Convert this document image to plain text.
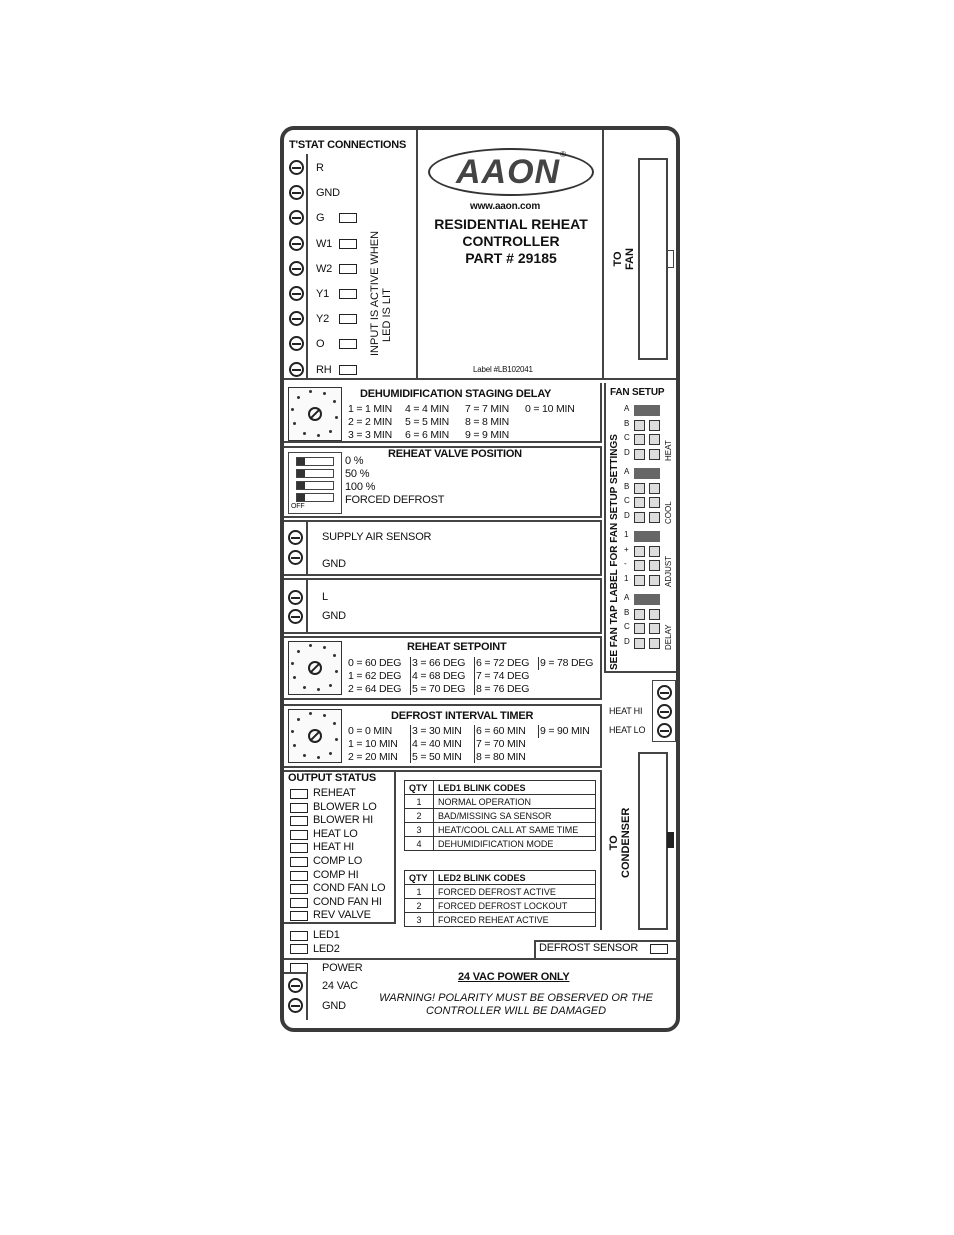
T'STAT CONNECTIONS
R
GND
G
W1
W2
Y1
Y2
O
RH
INPUT IS ACTIVE WHEN LED IS LIT
AAON®
www.aaon.com
RESIDENTIAL REHEAT
CONTROLLER
PART # 29185
Label #LB102041
TO FAN
DEHUMIDIFICATION STAGING DELAY
1 = 1 MIN 4 = 4 MIN 7 = 7 MIN 0 = 10 MIN
2 = 2 MIN 5 = 5 MIN 8 = 8 MIN
3 = 3 MIN 6 = 6 MIN 9 = 9 MIN
OFF
REHEAT VALVE POSITION
0 %
50 %
100 %
FORCED DEFROST
SUPPLY AIR SENSOR
GND
L
GND
REHEAT SETPOINT
0 = 60 DEG 3 = 66 DEG 6 = 72 DEG 9 = 78 DEG
1 = 62 DEG 4 = 68 DEG 7 = 74 DEG
2 = 64 DEG 5 = 70 DEG 8 = 76 DEG
DEFROST INTERVAL TIMER
0 = 0 MIN 3 = 30 MIN 6 = 60 MIN 9 = 90 MIN
1 = 10 MIN 4 = 40 MIN 7 = 70 MIN
2 = 20 MIN 5 = 50 MIN 8 = 80 MIN
FAN SETUP
SEE FAN TAP LABEL FOR FAN SETUP SETTINGS
A
B
C
D	HEAT
A
B
C
D	COOL
1
+
-
1	ADJUST
A
B
C
D	DELAY
HEAT HI
HEAT LO
TO CONDENSER
OUTPUT STATUS
REHEAT
BLOWER LO
BLOWER HI
HEAT LO
HEAT HI
COMP LO
COMP HI
COND FAN LO
COND FAN HI
REV VALVE
QTY	LED1 BLINK CODES
1	NORMAL OPERATION
2	BAD/MISSING SA SENSOR
3	HEAT/COOL CALL AT SAME TIME
4	DEHUMIDIFICATION MODE
QTY	LED2 BLINK CODES
1	FORCED DEFROST ACTIVE
2	FORCED DEFROST LOCKOUT
3	FORCED REHEAT ACTIVE
LED1
LED2	DEFROST SENSOR
POWER
24 VAC
GND
24 VAC POWER ONLY
WARNING! POLARITY MUST BE OBSERVED OR THE
CONTROLLER WILL BE DAMAGED
